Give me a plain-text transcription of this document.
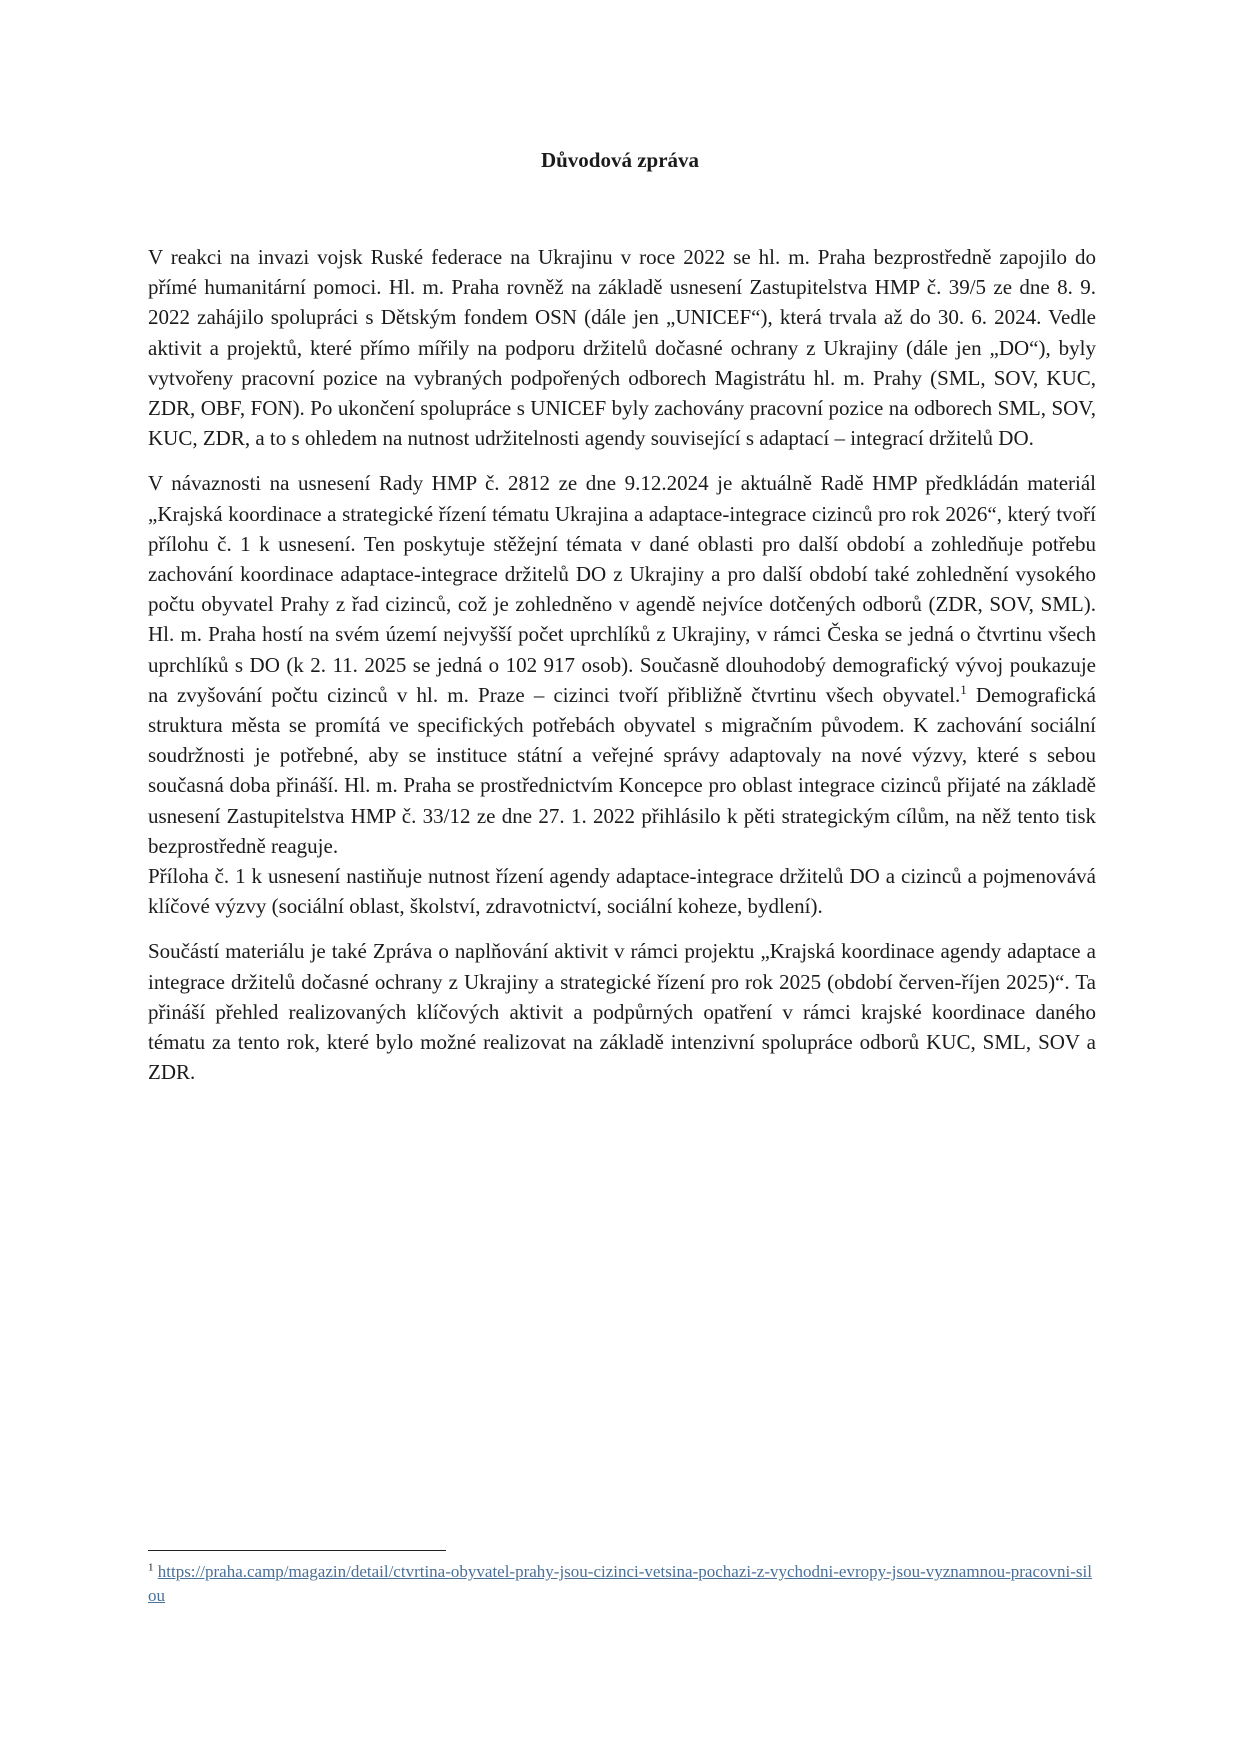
Důvodová zpráva

V reakci na invazi vojsk Ruské federace na Ukrajinu v roce 2022 se hl. m. Praha bezprostředně zapojilo do přímé humanitární pomoci. Hl. m. Praha rovněž na základě usnesení Zastupitelstva HMP č. 39/5 ze dne 8. 9. 2022 zahájilo spolupráci s Dětským fondem OSN (dále jen „UNICEF“), která trvala až do 30. 6. 2024. Vedle aktivit a projektů, které přímo mířily na podporu držitelů dočasné ochrany z Ukrajiny (dále jen „DO“), byly vytvořeny pracovní pozice na vybraných podpořených odborech Magistrátu hl. m. Prahy (SML, SOV, KUC, ZDR, OBF, FON). Po ukončení spolupráce s UNICEF byly zachovány pracovní pozice na odborech SML, SOV, KUC, ZDR, a to s ohledem na nutnost udržitelnosti agendy související s adaptací – integrací držitelů DO.

V návaznosti na usnesení Rady HMP č. 2812 ze dne 9.12.2024 je aktuálně Radě HMP předkládán materiál „Krajská koordinace a strategické řízení tématu Ukrajina a adaptace-integrace cizinců pro rok 2026“, který tvoří přílohu č. 1 k usnesení. Ten poskytuje stěžejní témata v dané oblasti pro další období a zohledňuje potřebu zachování koordinace adaptace-integrace držitelů DO z Ukrajiny a pro další období také zohlednění vysokého počtu obyvatel Prahy z řad cizinců, což je zohledněno v agendě nejvíce dotčených odborů (ZDR, SOV, SML). Hl. m. Praha hostí na svém území nejvyšší počet uprchlíků z Ukrajiny, v rámci Česka se jedná o čtvrtinu všech uprchlíků s DO (k 2. 11. 2025 se jedná o 102 917 osob). Současně dlouhodobý demografický vývoj poukazuje na zvyšování počtu cizinců v hl. m. Praze – cizinci tvoří přibližně čtvrtinu všech obyvatel.$^1$ Demografická struktura města se promítá ve specifických potřebách obyvatel s migračním původem. K zachování sociální soudržnosti je potřebné, aby se instituce státní a veřejné správy adaptovaly na nové výzvy, které s sebou současná doba přináší. Hl. m. Praha se prostřednictvím Koncepce pro oblast integrace cizinců přijaté na základě usnesení Zastupitelstva HMP č. 33/12 ze dne 27. 1. 2022 přihlásilo k pěti strategickým cílům, na něž tento tisk bezprostředně reaguje.

Příloha č. 1 k usnesení nastiňuje nutnost řízení agendy adaptace-integrace držitelů DO a cizinců a pojmenovává klíčové výzvy (sociální oblast, školství, zdravotnictví, sociální koheze, bydlení).

Součástí materiálu je také Zpráva o naplňování aktivit v rámci projektu „Krajská koordinace agendy adaptace a integrace držitelů dočasné ochrany z Ukrajiny a strategické řízení pro rok 2025 (období červen-říjen 2025)“. Ta přináší přehled realizovaných klíčových aktivit a podpůrných opatření v rámci krajské koordinace daného tématu za tento rok, které bylo možné realizovat na základě intenzivní spolupráce odborů KUC, SML, SOV a ZDR.

$^1$ https://praha.camp/magazin/detail/ctvrtina-obyvatel-prahy-jsou-cizinci-vetsina-pochazi-z-vychodni-evropy-jsou-vyznamnou-pracovni-silou
